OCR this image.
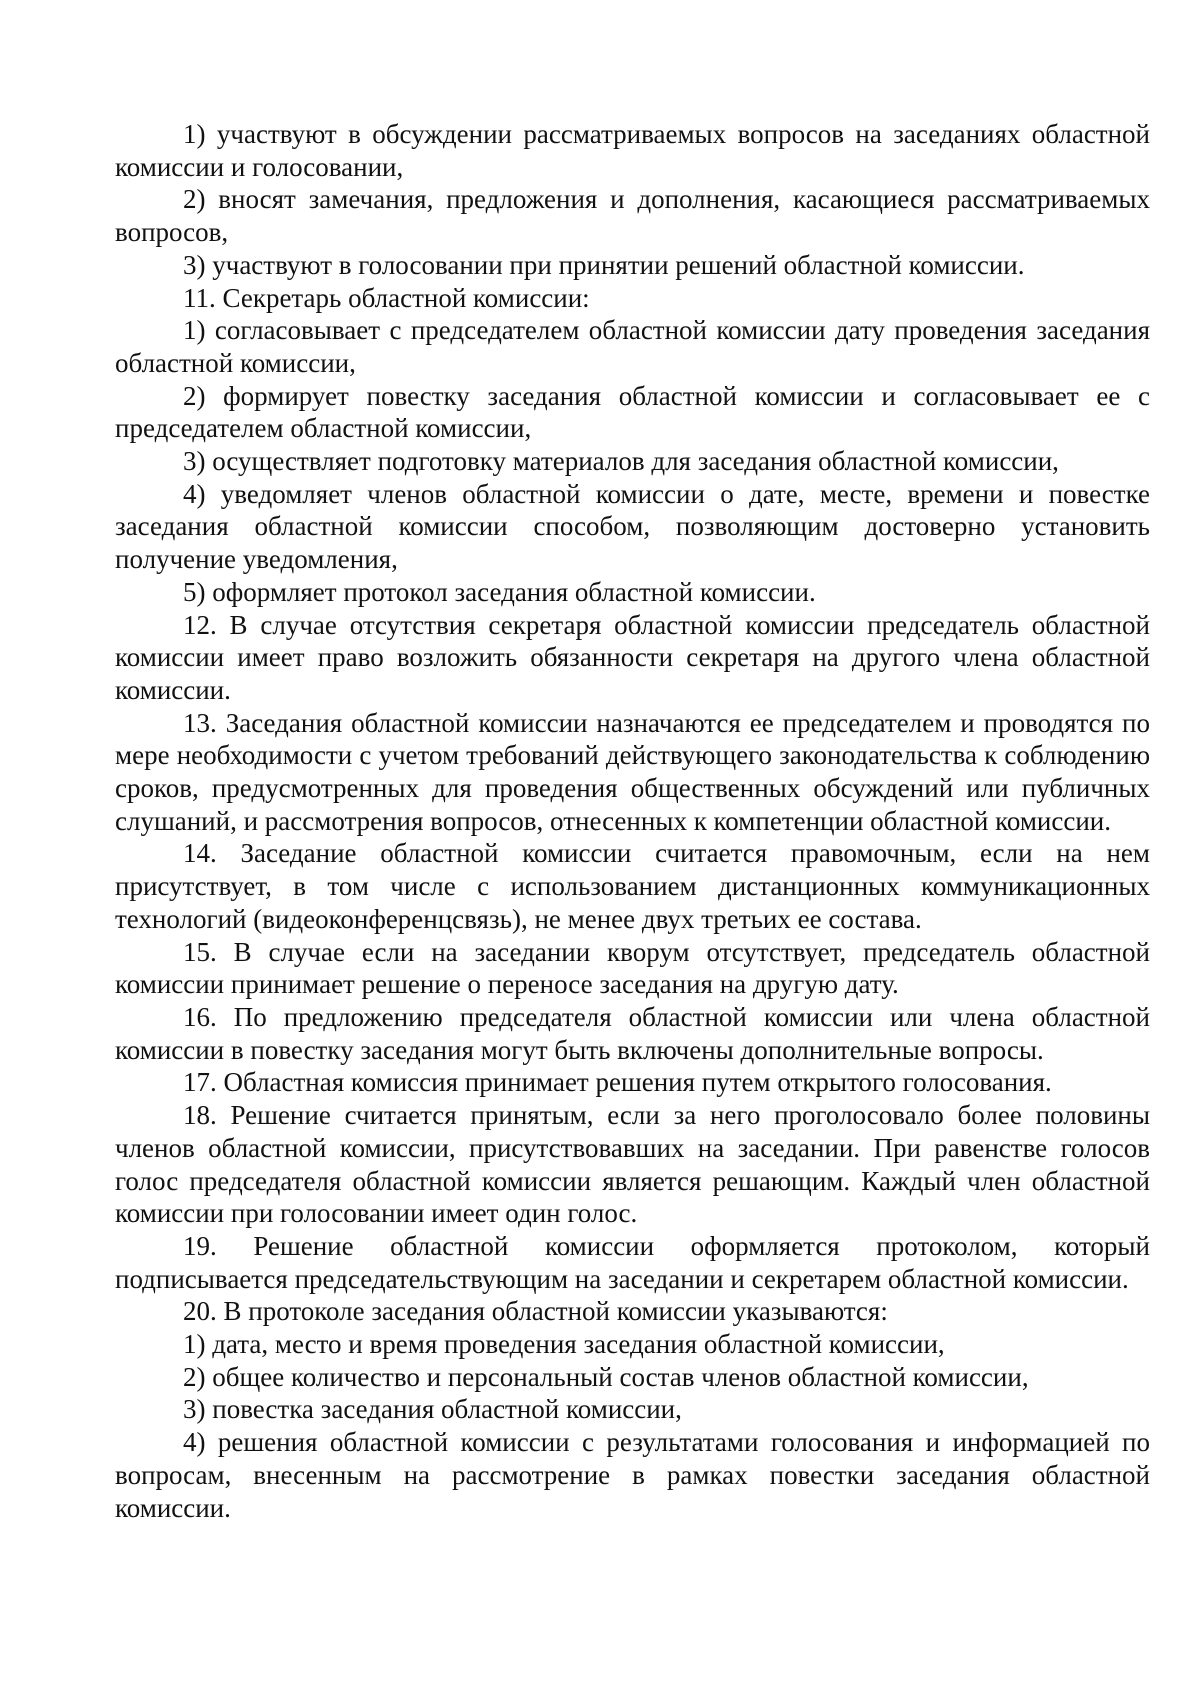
1) участвуют в обсуждении рассматриваемых вопросов на заседаниях областной комиссии и голосовании,

2) вносят замечания, предложения и дополнения, касающиеся рассматриваемых вопросов,

3) участвуют в голосовании при принятии решений областной комиссии.

11. Секретарь областной комиссии:

1) согласовывает с председателем областной комиссии дату проведения заседания областной комиссии,

2) формирует повестку заседания областной комиссии и согласовывает ее с председателем областной комиссии,

3) осуществляет подготовку материалов для заседания областной комиссии,

4) уведомляет членов областной комиссии о дате, месте, времени и повестке заседания областной комиссии способом, позволяющим достоверно установить получение уведомления,

5) оформляет протокол заседания областной комиссии.

12. В случае отсутствия секретаря областной комиссии председатель областной комиссии имеет право возложить обязанности секретаря на другого члена областной комиссии.

13. Заседания областной комиссии назначаются ее председателем и проводятся по мере необходимости с учетом требований действующего законодательства к соблюдению сроков, предусмотренных для проведения общественных обсуждений или публичных слушаний, и рассмотрения вопросов, отнесенных к компетенции областной комиссии.

14. Заседание областной комиссии считается правомочным, если на нем присутствует, в том числе с использованием дистанционных коммуникационных технологий (видеоконференцсвязь), не менее двух третьих ее состава.

15. В случае если на заседании кворум отсутствует, председатель областной комиссии принимает решение о переносе заседания на другую дату.

16. По предложению председателя областной комиссии или члена областной комиссии в повестку заседания могут быть включены дополнительные вопросы.

17. Областная комиссия принимает решения путем открытого голосования.

18. Решение считается принятым, если за него проголосовало более половины членов областной комиссии, присутствовавших на заседании. При равенстве голосов голос председателя областной комиссии является решающим. Каждый член областной комиссии при голосовании имеет один голос.

19. Решение областной комиссии оформляется протоколом, который подписывается председательствующим на заседании и секретарем областной комиссии.

20. В протоколе заседания областной комиссии указываются:

1) дата, место и время проведения заседания областной комиссии,

2) общее количество и персональный состав членов областной комиссии,

3) повестка заседания областной комиссии,

4) решения областной комиссии с результатами голосования и информацией по вопросам, внесенным на рассмотрение в рамках повестки заседания областной комиссии.
